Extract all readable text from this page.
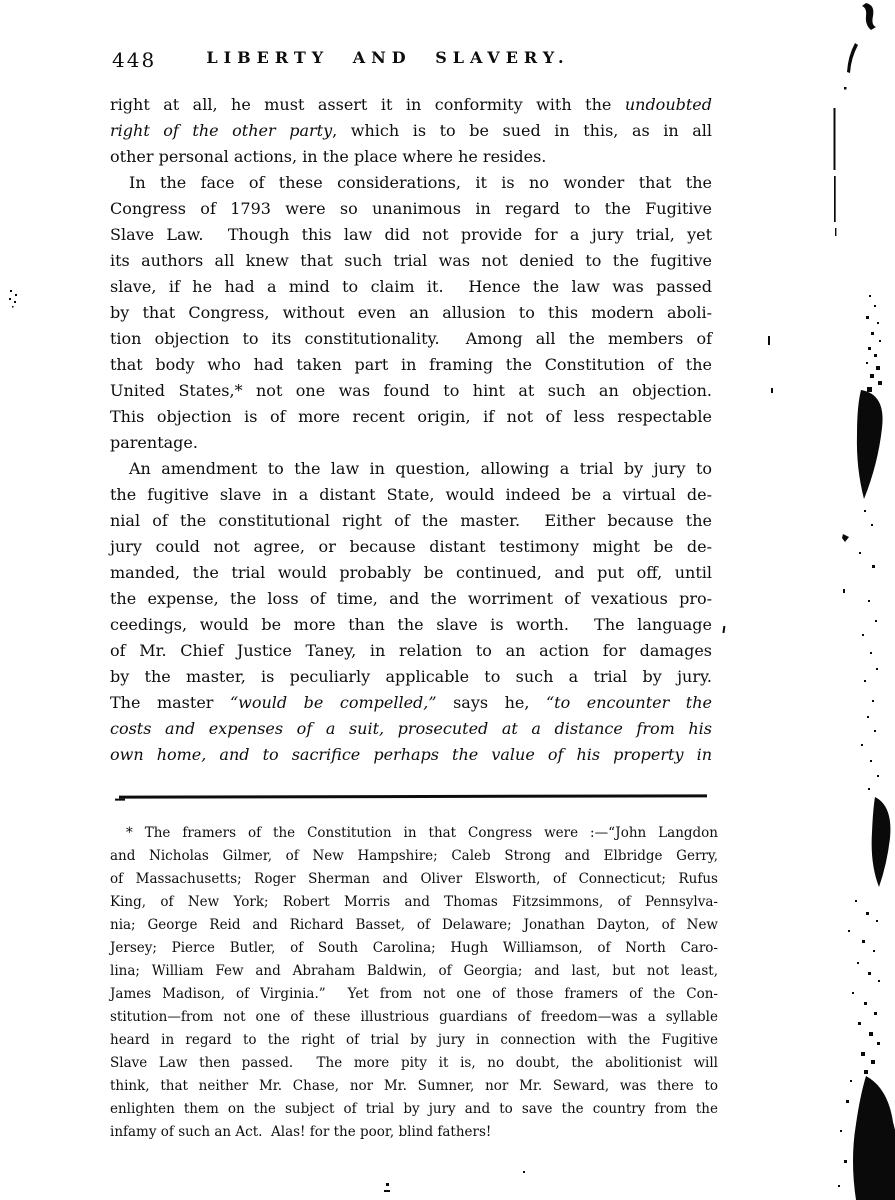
448	LIBERTY AND SLAVERY.
right at all, he must assert it in conformity with the undoubted
right of the other party, which is to be sued in this, as in all
other personal actions, in the place where he resides.
In the face of these considerations, it is no wonder that the
Congress of 1793 were so unanimous in regard to the Fugitive
Slave Law.  Though this law did not provide for a jury trial, yet
its authors all knew that such trial was not denied to the fugitive
slave, if he had a mind to claim it.  Hence the law was passed
by that Congress, without even an allusion to this modern aboli-
tion objection to its constitutionality.  Among all the members of
that body who had taken part in framing the Constitution of the
United States,* not one was found to hint at such an objection.
This objection is of more recent origin, if not of less respectable
parentage.
An amendment to the law in question, allowing a trial by jury to
the fugitive slave in a distant State, would indeed be a virtual de-
nial of the constitutional right of the master.  Either because the
jury could not agree, or because distant testimony might be de-
manded, the trial would probably be continued, and put off, until
the expense, the loss of time, and the worriment of vexatious pro-
ceedings, would be more than the slave is worth.  The language
of Mr. Chief Justice Taney, in relation to an action for damages
by the master, is peculiarly applicable to such a trial by jury.
The master “would be compelled,” says he, “to encounter the
costs and expenses of a suit, prosecuted at a distance from his
own home, and to sacrifice perhaps the value of his property in
* The framers of the Constitution in that Congress were :—“John Langdon
and Nicholas Gilmer, of New Hampshire; Caleb Strong and Elbridge Gerry,
of Massachusetts; Roger Sherman and Oliver Elsworth, of Connecticut; Rufus
King, of New York; Robert Morris and Thomas Fitzsimmons, of Pennsylva-
nia; George Reid and Richard Basset, of Delaware; Jonathan Dayton, of New
Jersey; Pierce Butler, of South Carolina; Hugh Williamson, of North Caro-
lina; William Few and Abraham Baldwin, of Georgia; and last, but not least,
James Madison, of Virginia.”  Yet from not one of those framers of the Con-
stitution—from not one of these illustrious guardians of freedom—was a syllable
heard in regard to the right of trial by jury in connection with the Fugitive
Slave Law then passed.  The more pity it is, no doubt, the abolitionist will
think, that neither Mr. Chase, nor Mr. Sumner, nor Mr. Seward, was there to
enlighten them on the subject of trial by jury and to save the country from the
infamy of such an Act.  Alas! for the poor, blind fathers!
